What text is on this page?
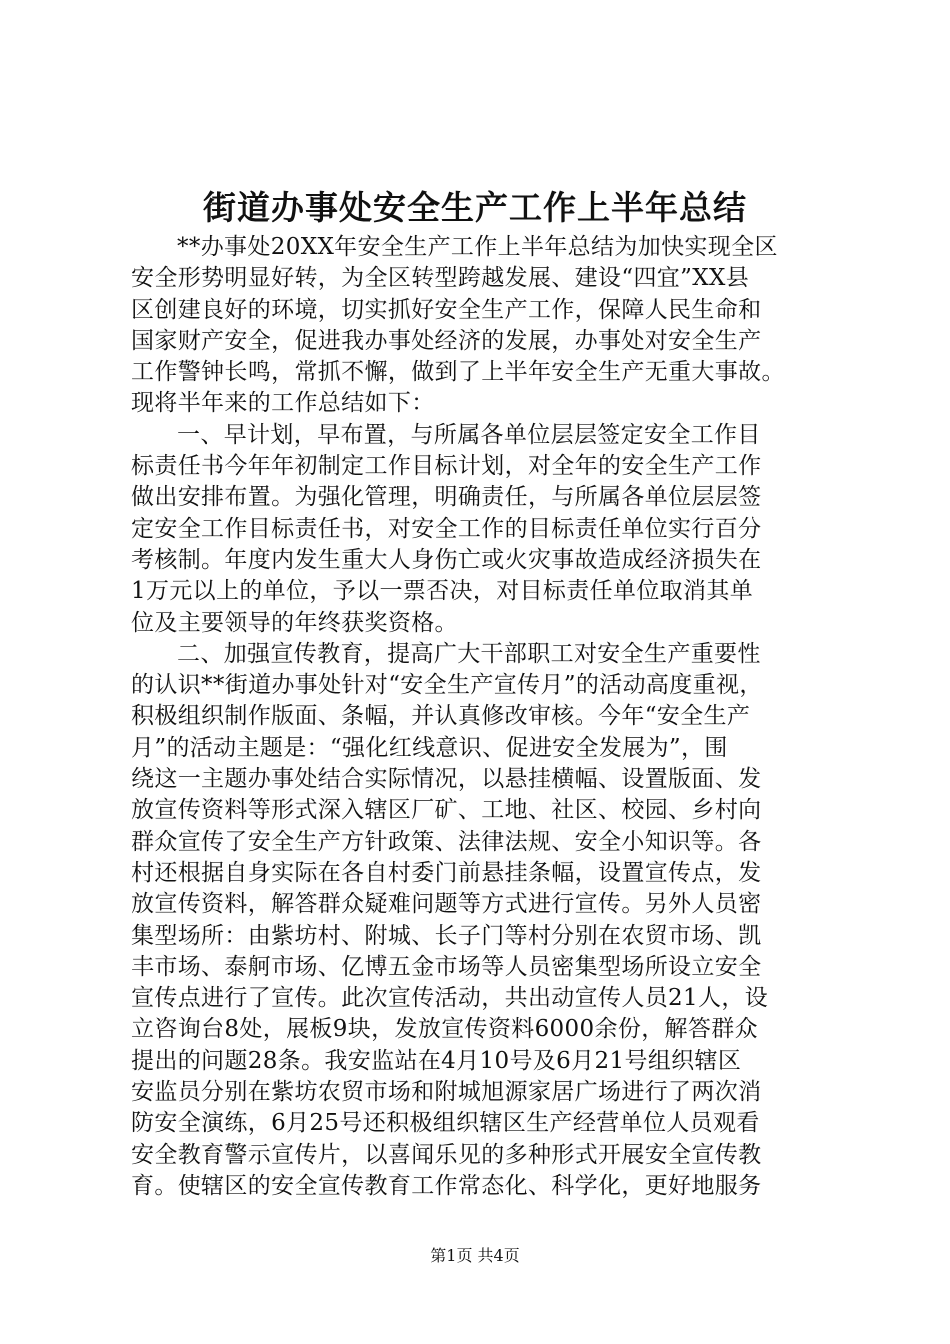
街道办事处安全生产工作上半年总结
**办事处20XX年安全生产工作上半年总结为加快实现全区
安全形势明显好转，为全区转型跨越发展、建设“四宜”XX县
区创建良好的环境，切实抓好安全生产工作，保障人民生命和
国家财产安全，促进我办事处经济的发展，办事处对安全生产
工作警钟长鸣，常抓不懈，做到了上半年安全生产无重大事故。
现将半年来的工作总结如下：
一、早计划，早布置，与所属各单位层层签定安全工作目
标责任书今年年初制定工作目标计划，对全年的安全生产工作
做出安排布置。为强化管理，明确责任，与所属各单位层层签
定安全工作目标责任书，对安全工作的目标责任单位实行百分
考核制。年度内发生重大人身伤亡或火灾事故造成经济损失在
1万元以上的单位，予以一票否决，对目标责任单位取消其单
位及主要领导的年终获奖资格。
二、加强宣传教育，提高广大干部职工对安全生产重要性
的认识**街道办事处针对“安全生产宣传月”的活动高度重视，
积极组织制作版面、条幅，并认真修改审核。今年“安全生产
月”的活动主题是：“强化红线意识、促进安全发展为”，围
绕这一主题办事处结合实际情况，以悬挂横幅、设置版面、发
放宣传资料等形式深入辖区厂矿、工地、社区、校园、乡村向
群众宣传了安全生产方针政策、法律法规、安全小知识等。各
村还根据自身实际在各自村委门前悬挂条幅，设置宣传点，发
放宣传资料，解答群众疑难问题等方式进行宣传。另外人员密
集型场所：由紫坊村、附城、长子门等村分别在农贸市场、凯
丰市场、泰舸市场、亿博五金市场等人员密集型场所设立安全
宣传点进行了宣传。此次宣传活动，共出动宣传人员21人，设
立咨询台8处，展板9块，发放宣传资料6000余份，解答群众
提出的问题28条。我安监站在4月10号及6月21号组织辖区
安监员分别在紫坊农贸市场和附城旭源家居广场进行了两次消
防安全演练，6月25号还积极组织辖区生产经营单位人员观看
安全教育警示宣传片，以喜闻乐见的多种形式开展安全宣传教
育。使辖区的安全宣传教育工作常态化、科学化，更好地服务
第1页 共4页
